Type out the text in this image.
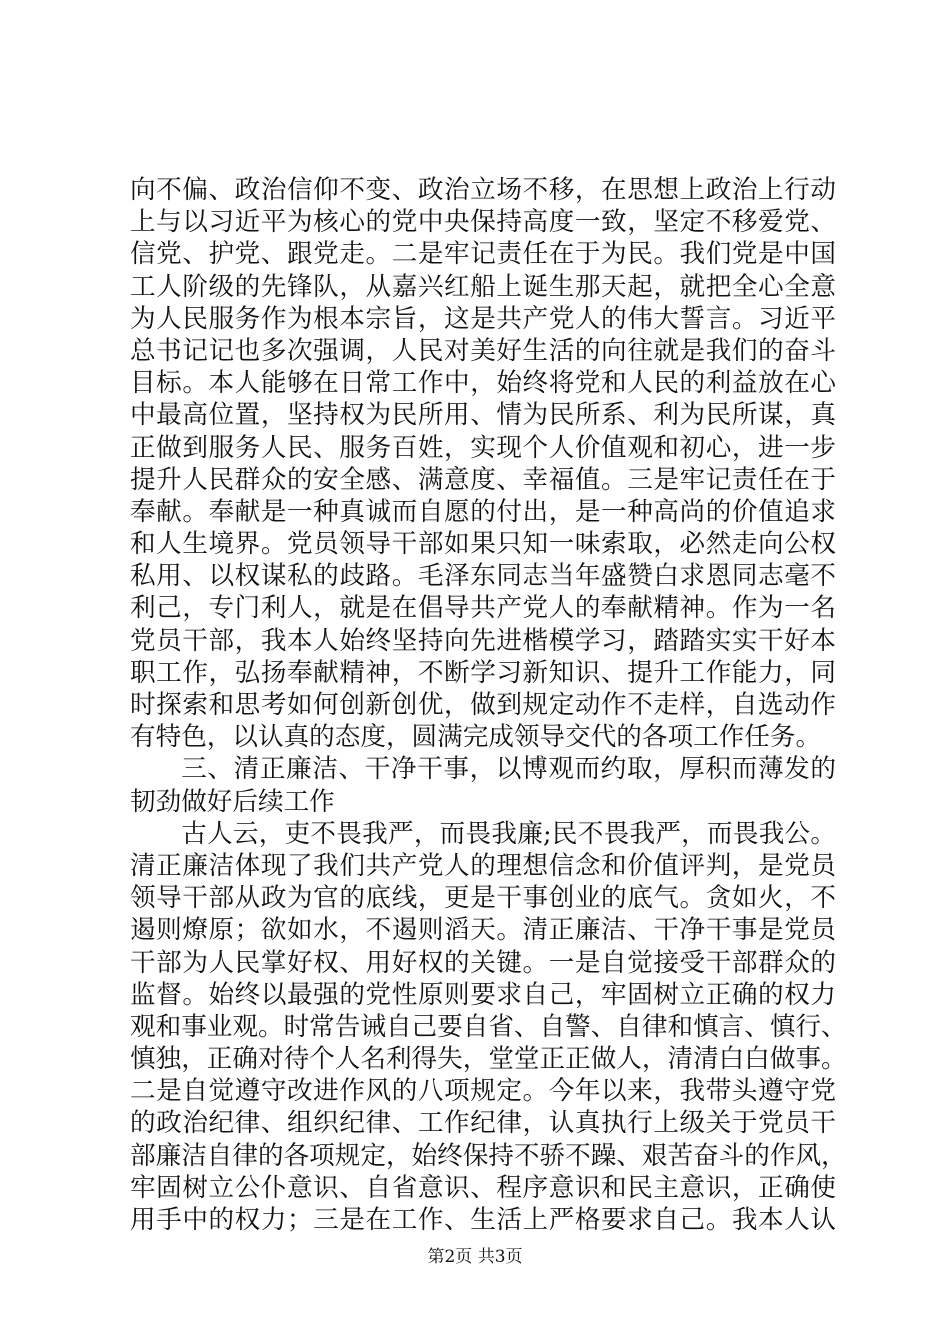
向不偏、政治信仰不变、政治立场不移，在思想上政治上行动
上与以习近平为核心的党中央保持高度一致，坚定不移爱党、
信党、护党、跟党走。二是牢记责任在于为民。我们党是中国
工人阶级的先锋队，从嘉兴红船上诞生那天起，就把全心全意
为人民服务作为根本宗旨，这是共产党人的伟大誓言。习近平
总书记记也多次强调，人民对美好生活的向往就是我们的奋斗
目标。本人能够在日常工作中，始终将党和人民的利益放在心
中最高位置，坚持权为民所用、情为民所系、利为民所谋，真
正做到服务人民、服务百姓，实现个人价值观和初心，进一步
提升人民群众的安全感、满意度、幸福值。三是牢记责任在于
奉献。奉献是一种真诚而自愿的付出，是一种高尚的价值追求
和人生境界。党员领导干部如果只知一味索取，必然走向公权
私用、以权谋私的歧路。毛泽东同志当年盛赞白求恩同志毫不
利己，专门利人，就是在倡导共产党人的奉献精神。作为一名
党员干部，我本人始终坚持向先进楷模学习，踏踏实实干好本
职工作，弘扬奉献精神，不断学习新知识、提升工作能力，同
时探索和思考如何创新创优，做到规定动作不走样，自选动作
有特色，以认真的态度，圆满完成领导交代的各项工作任务。
三、清正廉洁、干净干事，以博观而约取，厚积而薄发的
韧劲做好后续工作
古人云，吏不畏我严，而畏我廉;民不畏我严，而畏我公。
清正廉洁体现了我们共产党人的理想信念和价值评判，是党员
领导干部从政为官的底线，更是干事创业的底气。贪如火，不
遏则燎原；欲如水，不遏则滔天。清正廉洁、干净干事是党员
干部为人民掌好权、用好权的关键。一是自觉接受干部群众的
监督。始终以最强的党性原则要求自己，牢固树立正确的权力
观和事业观。时常告诫自己要自省、自警、自律和慎言、慎行、
慎独，正确对待个人名利得失，堂堂正正做人，清清白白做事。
二是自觉遵守改进作风的八项规定。今年以来，我带头遵守党
的政治纪律、组织纪律、工作纪律，认真执行上级关于党员干
部廉洁自律的各项规定，始终保持不骄不躁、艰苦奋斗的作风，
牢固树立公仆意识、自省意识、程序意识和民主意识，正确使
用手中的权力；三是在工作、生活上严格要求自己。我本人认
第2页 共3页
